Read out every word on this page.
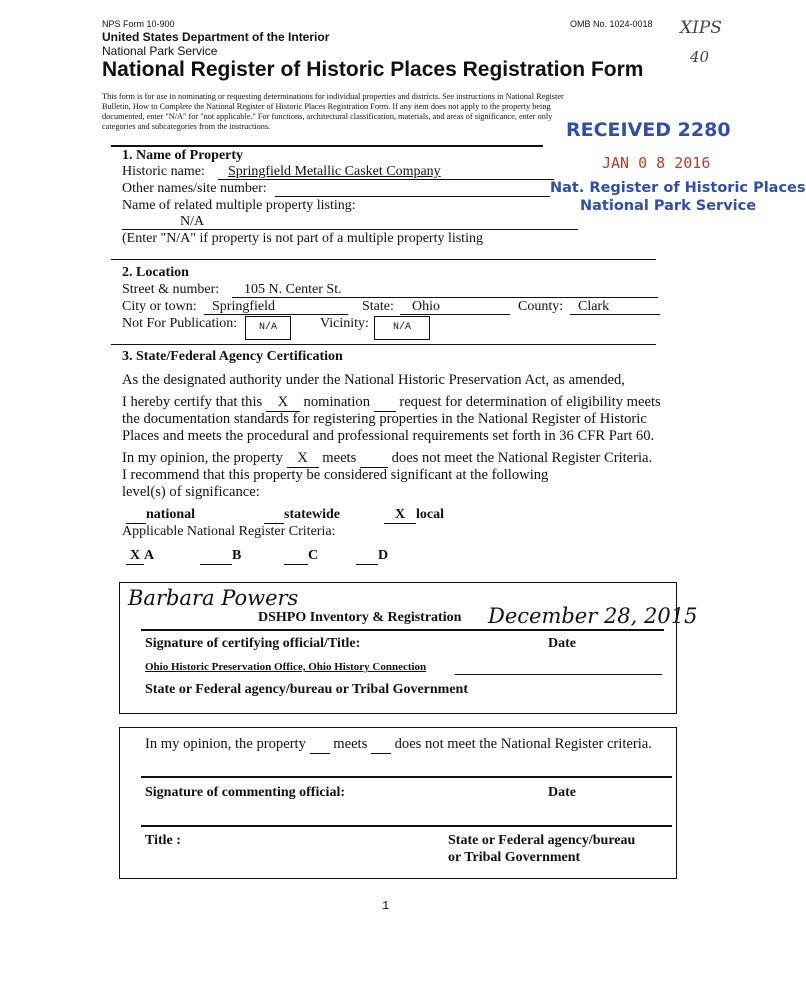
NPS Form 10-900	OMB No. 1024-0018 XIPS
40
United States Department of the Interior
National Park Service
National Register of Historic Places Registration Form
This form is for use in nominating or requesting determinations for individual properties and districts. See instructions in National Register
Bulletin, How to Complete the National Register of Historic Places Registration Form. If any item does not apply to the property being
documented, enter "N/A" for "not applicable." For functions, architectural classification, materials, and areas of significance, enter only
categories and subcategories from the instructions.	RECEIVED 2280
JAN 0 8 2016
Nat. Register of Historic Places
National Park Service
1. Name of Property
Historic name: Springfield Metallic Casket Company
Other names/site number:
Name of related multiple property listing:
N/A
(Enter "N/A" if property is not part of a multiple property listing
2. Location
Street & number: 105 N. Center St.
City or town: Springfield	State: Ohio	County: Clark
Not For Publication:	N/A	Vicinity:	N/A
3. State/Federal Agency Certification
As the designated authority under the National Historic Preservation Act, as amended,
I hereby certify that this X nomination request for determination of eligibility meets
the documentation standards for registering properties in the National Register of Historic
Places and meets the procedural and professional requirements set forth in 36 CFR Part 60.
In my opinion, the property X meets does not meet the National Register Criteria.
I recommend that this property be considered significant at the following
level(s) of significance:
national	statewide	X local
Applicable National Register Criteria:
X A	B	C	D
Barbara Powers
DSHPO Inventory & Registration December 28, 2015
Signature of certifying official/Title:	Date
Ohio Historic Preservation Office, Ohio History Connection
State or Federal agency/bureau or Tribal Government
In my opinion, the property meets does not meet the National Register criteria.
Signature of commenting official:	Date
Title :	State or Federal agency/bureau
or Tribal Government
1
